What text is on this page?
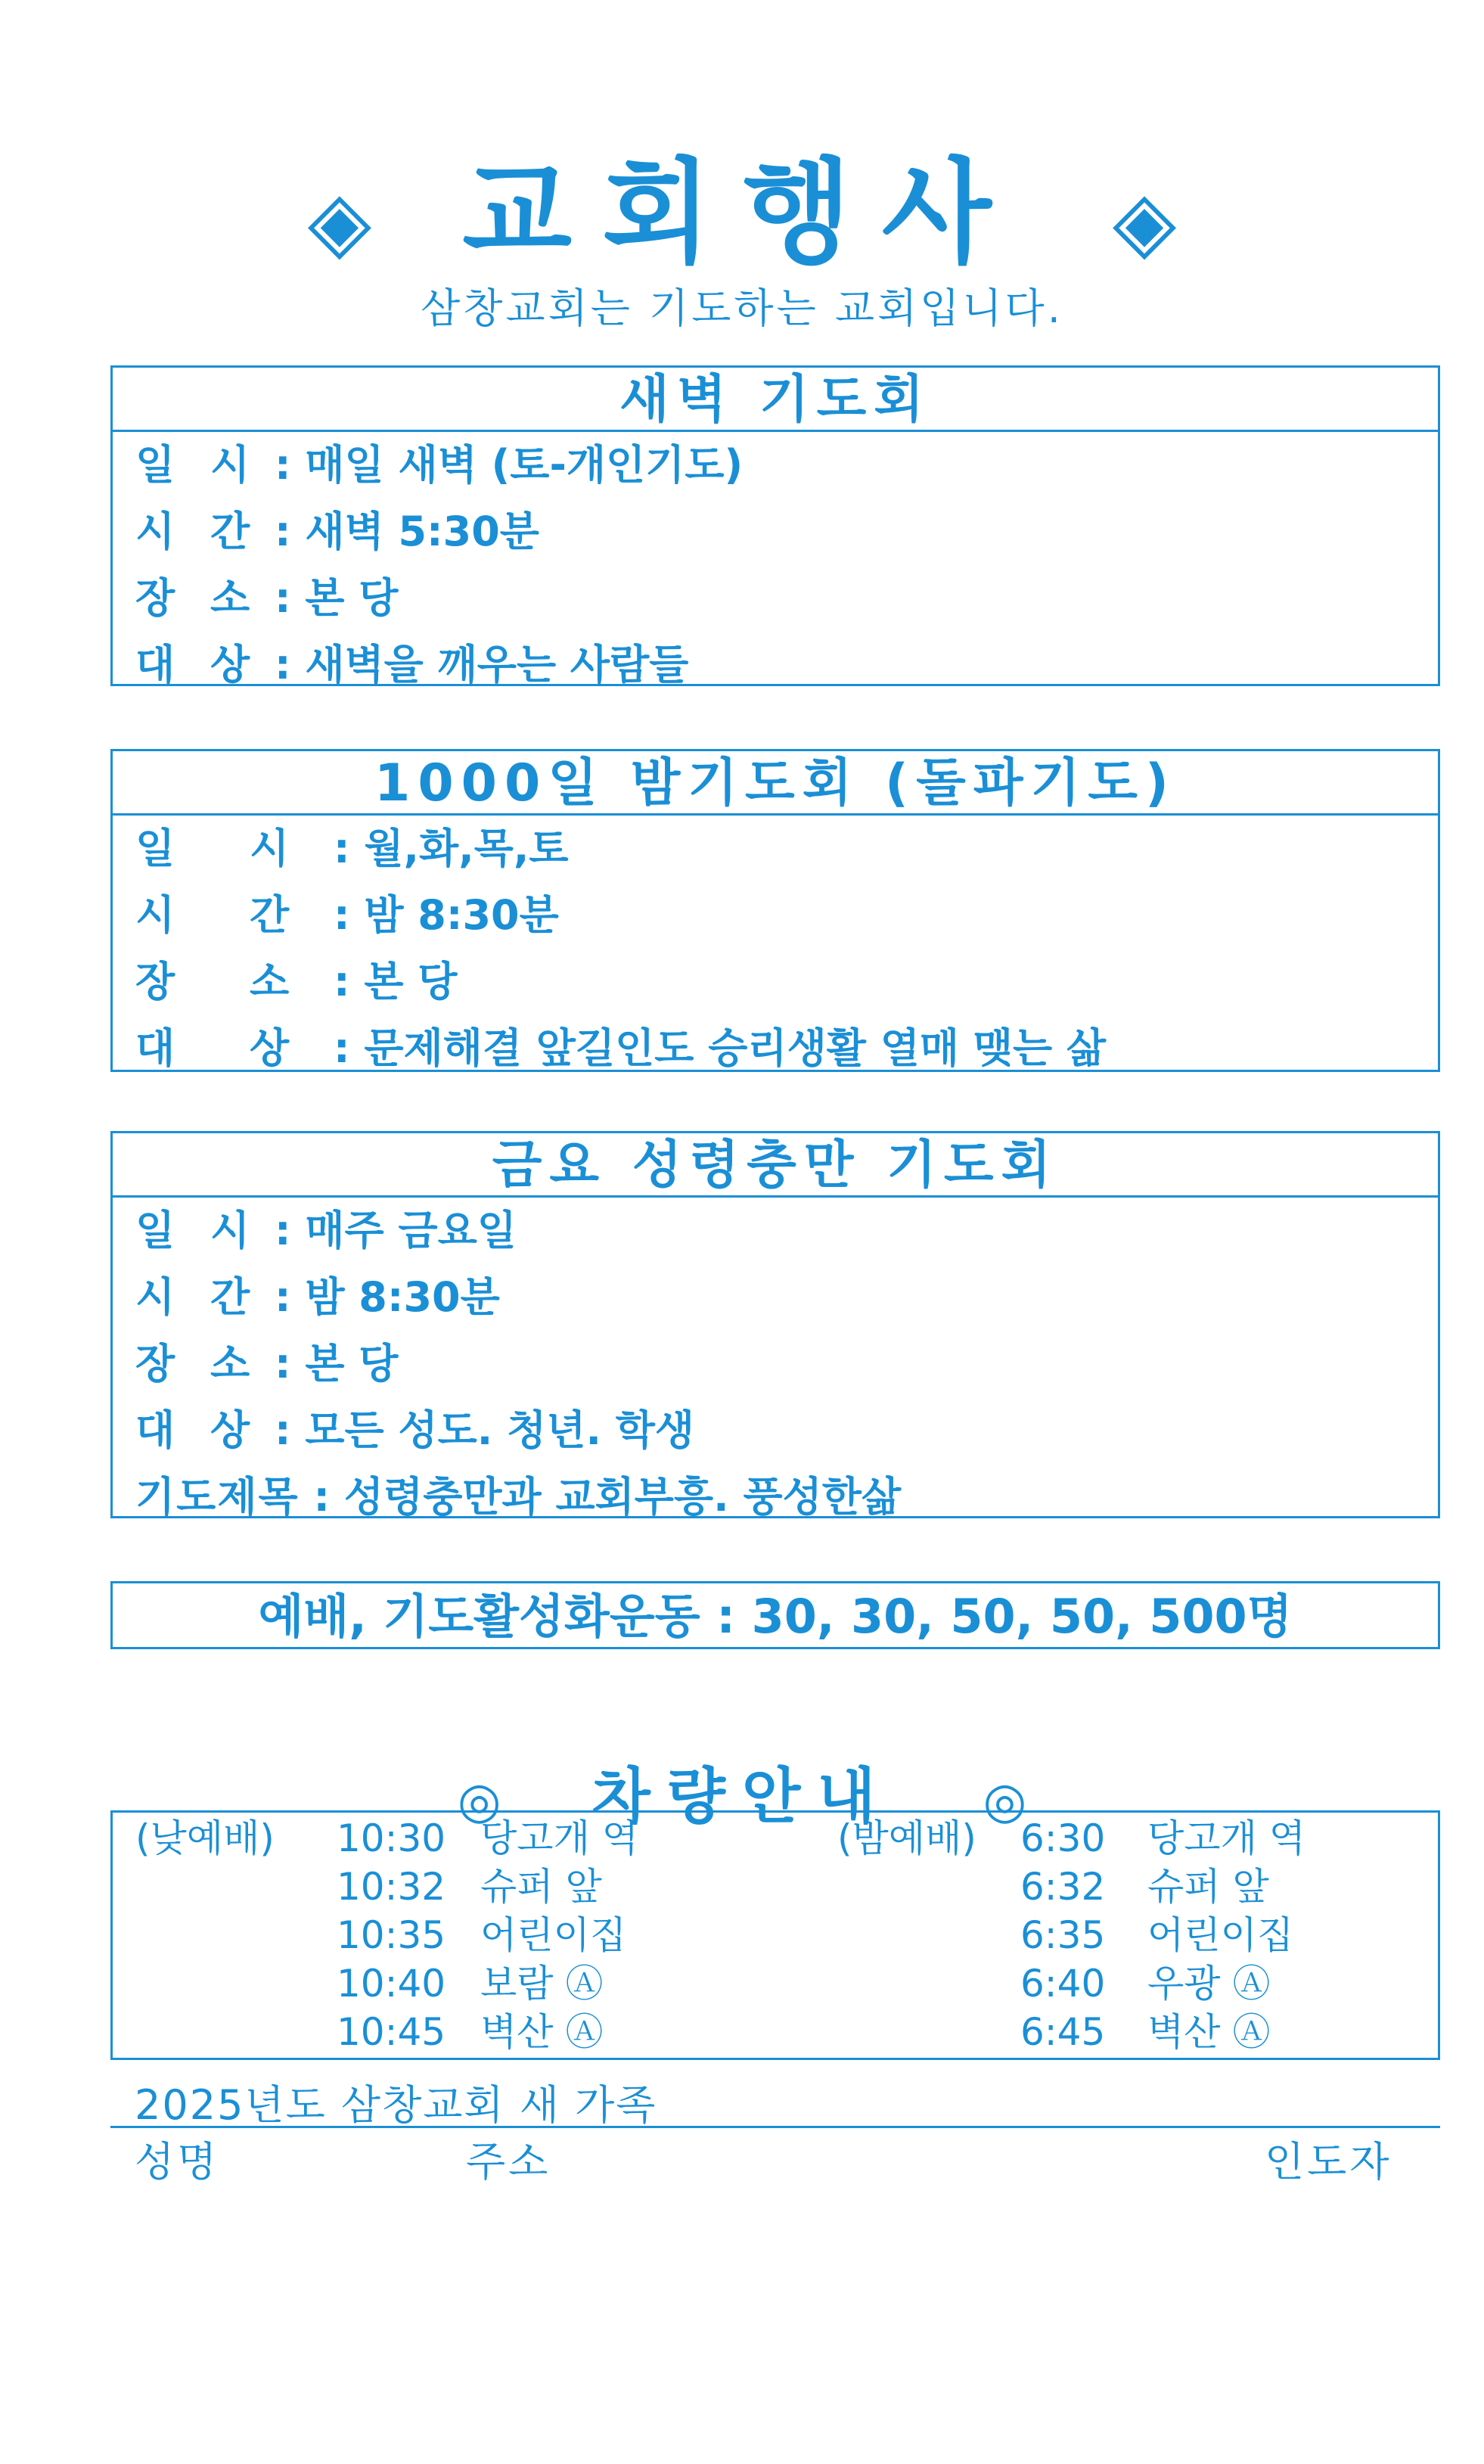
◈ 교회행사 ◈
삼창교회는 기도하는 교회입니다.
새벽 기도회
일 시 : 매일 새벽 (토-개인기도)
시 간 : 새벽 5:30분
장 소 : 본 당
대 상 : 새벽을 깨우는 사람들
1000일 밤기도회 (돌파기도)
일 시 : 월,화,목,토
시 간 : 밤 8:30분
장 소 : 본 당
대 상 : 문제해결 앞길인도 승리생활 열매 맺는 삶
금요 성령충만 기도회
일 시 : 매주 금요일
시 간 : 밤 8:30분
장 소 : 본 당
대 상 : 모든 성도. 청년. 학생
기도제목 : 성령충만과 교회부흥. 풍성한삶
예배, 기도활성화운동 : 30, 30, 50, 50, 500명
◎ 차량안내 ◎
(낮예배) 10:30 당고개 역
10:32 슈퍼 앞
10:35 어린이집
10:40 보람 Ⓐ
10:45 벽산 Ⓐ
(밤예배) 6:30 당고개 역
6:32 슈퍼 앞
6:35 어린이집
6:40 우광 Ⓐ
6:45 벽산 Ⓐ
2025년도 삼창교회 새 가족
성명	주소	인도자
